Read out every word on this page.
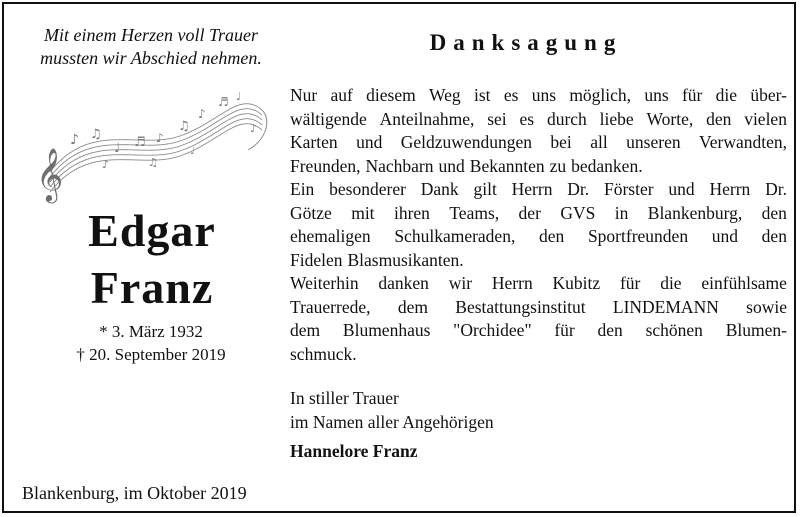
Mit einem Herzen voll Trauer
mussten wir Abschied nehmen.
𝄞
♪ ♫
♩ ♬ ♪
♫
♪
♬ ♩
♪
♪	♫
♩
Edgar
Franz
* 3. März 1932
† 20. September 2019
Blankenburg, im Oktober 2019
Danksagung
Nur auf diesem Weg ist es uns möglich, uns für die über-
wältigende Anteilnahme, sei es durch liebe Worte, den vielen
Karten und Geldzuwendungen bei all unseren Verwandten,
Freunden, Nachbarn und Bekannten zu bedanken.
Ein besonderer Dank gilt Herrn Dr. Förster und Herrn Dr.
Götze mit ihren Teams, der GVS in Blankenburg, den
ehemaligen Schulkameraden, den Sportfreunden und den
Fidelen Blasmusikanten.
Weiterhin danken wir Herrn Kubitz für die einfühlsame
Trauerrede, dem Bestattungsinstitut LINDEMANN sowie
dem Blumenhaus "Orchidee" für den schönen Blumen-
schmuck.
In stiller Trauer
im Namen aller Angehörigen
Hannelore Franz
